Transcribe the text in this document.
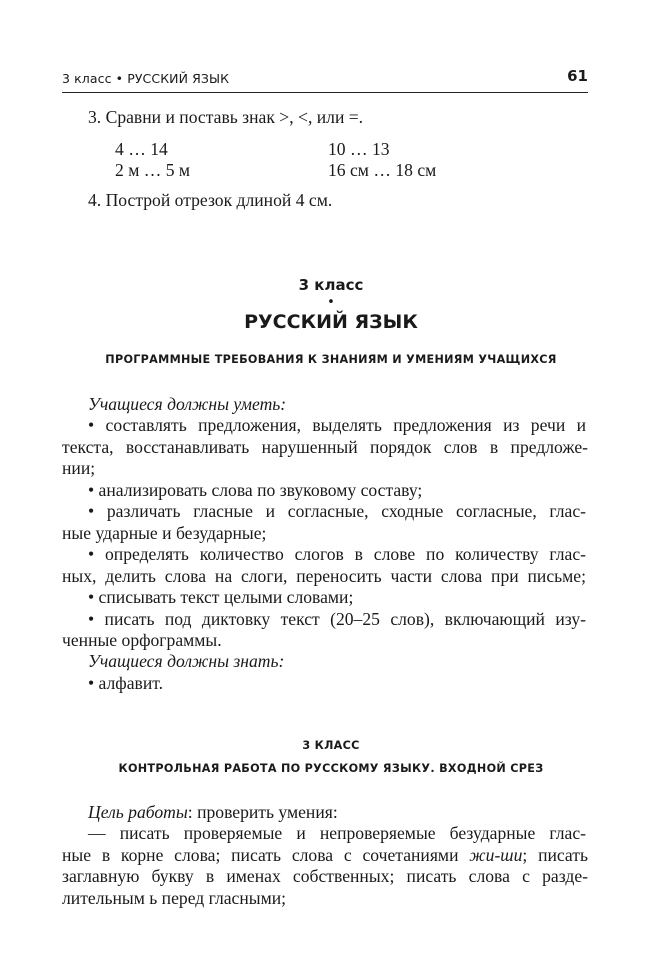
3 класс • РУССКИЙ ЯЗЫК	61
3. Сравни и поставь знак >, <, или =.
4 … 14	10 … 13
2 м … 5 м	16 см … 18 см
4. Построй отрезок длиной 4 см.
3 класс
•
РУССКИЙ ЯЗЫК
ПРОГРАММНЫЕ ТРЕБОВАНИЯ К ЗНАНИЯМ И УМЕНИЯМ УЧАЩИХСЯ
Учащиеся должны уметь:
• составлять предложения, выделять предложения из речи и
текста, восстанавливать нарушенный порядок слов в предложе-
нии;
• анализировать слова по звуковому составу;
• различать гласные и согласные, сходные согласные, глас-
ные ударные и безударные;
• определять количество слогов в слове по количеству глас-
ных, делить слова на слоги, переносить части слова при письме;
• списывать текст целыми словами;
• писать под диктовку текст (20–25 слов), включающий изу-
ченные орфограммы.
Учащиеся должны знать:
• алфавит.
3 КЛАСС
КОНТРОЛЬНАЯ РАБОТА ПО РУССКОМУ ЯЗЫКУ. ВХОДНОЙ СРЕЗ
Цель работы: проверить умения:
— писать проверяемые и непроверяемые безударные глас-
ные в корне слова; писать слова с сочетаниями жи-ши; писать
заглавную букву в именах собственных; писать слова с разде-
лительным ь перед гласными;
